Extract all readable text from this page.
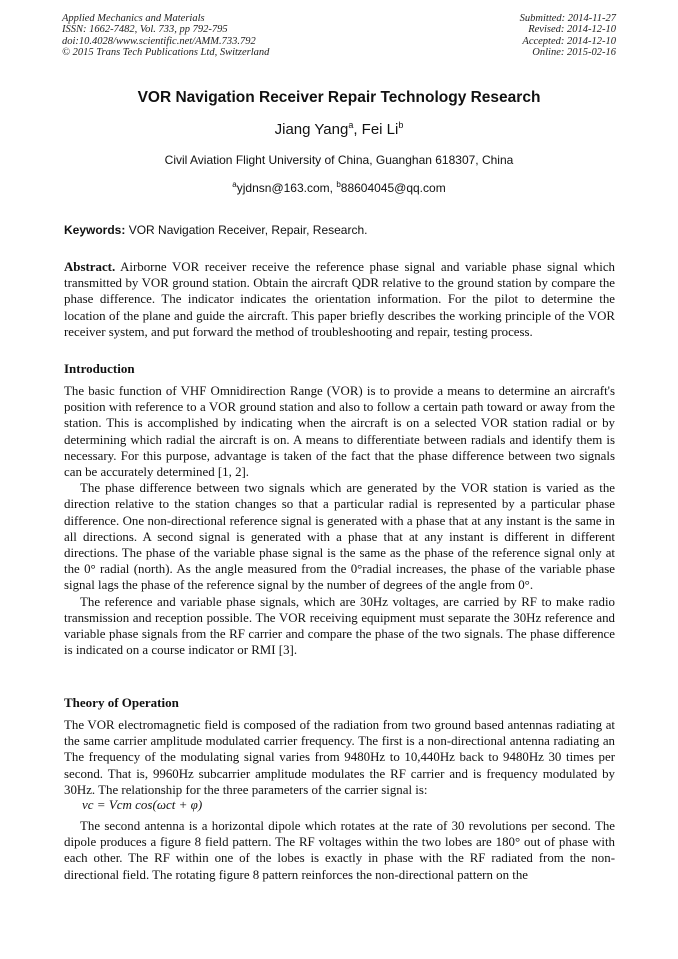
Applied Mechanics and Materials
ISSN: 1662-7482, Vol. 733, pp 792-795
doi:10.4028/www.scientific.net/AMM.733.792
© 2015 Trans Tech Publications Ltd, Switzerland
Submitted: 2014-11-27
Revised: 2014-12-10
Accepted: 2014-12-10
Online: 2015-02-16
VOR Navigation Receiver Repair Technology Research
Jiang Yang$^a$, Fei Li$^b$
Civil Aviation Flight University of China, Guanghan 618307, China
$^a$yjdnsn@163.com, $^b$88604045@qq.com
Keywords: VOR Navigation Receiver, Repair, Research.
Abstract. Airborne VOR receiver receive the reference phase signal and variable phase signal which transmitted by VOR ground station. Obtain the aircraft QDR relative to the ground station by compare the phase difference. The indicator indicates the orientation information. For the pilot to determine the location of the plane and guide the aircraft. This paper briefly describes the working principle of the VOR receiver system, and put forward the method of troubleshooting and repair, testing process.
Introduction

The basic function of VHF Omnidirection Range (VOR) is to provide a means to determine an aircraft's position with reference to a VOR ground station and also to follow a certain path toward or away from the station. This is accomplished by indicating when the aircraft is on a selected VOR station radial or by determining which radial the aircraft is on. A means to differentiate between radials and identify them is necessary. For this purpose, advantage is taken of the fact that the phase difference between two signals can be accurately determined [1, 2].

The phase difference between two signals which are generated by the VOR station is varied as the direction relative to the station changes so that a particular radial is represented by a particular phase difference. One non-directional reference signal is generated with a phase that at any instant is the same in all directions. A second signal is generated with a phase that at any instant is different in different directions. The phase of the variable phase signal is the same as the phase of the reference signal only at the 0° radial (north). As the angle measured from the 0°radial increases, the phase of the variable phase signal lags the phase of the reference signal by the number of degrees of the angle from 0°.

The reference and variable phase signals, which are 30Hz voltages, are carried by RF to make radio transmission and reception possible. The VOR receiving equipment must separate the 30Hz reference and variable phase signals from the RF carrier and compare the phase of the two signals. The phase difference is indicated on a course indicator or RMI [3].

Theory of Operation

The VOR electromagnetic field is composed of the radiation from two ground based antennas radiating at the same carrier amplitude modulated carrier frequency. The first is a non-directional antenna radiating an The frequency of the modulating signal varies from 9480Hz to 10,440Hz back to 9480Hz 30 times per second. That is, 9960Hz subcarrier amplitude modulates the RF carrier and is frequency modulated by 30Hz. The relationship for the three parameters of the carrier signal is:

vc = Vcm cos(ωct + φ)

The second antenna is a horizontal dipole which rotates at the rate of 30 revolutions per second. The dipole produces a figure 8 field pattern. The RF voltages within the two lobes are 180° out of phase with each other. The RF within one of the lobes is exactly in phase with the RF radiated from the non-directional field. The rotating figure 8 pattern reinforces the non-directional pattern on the
